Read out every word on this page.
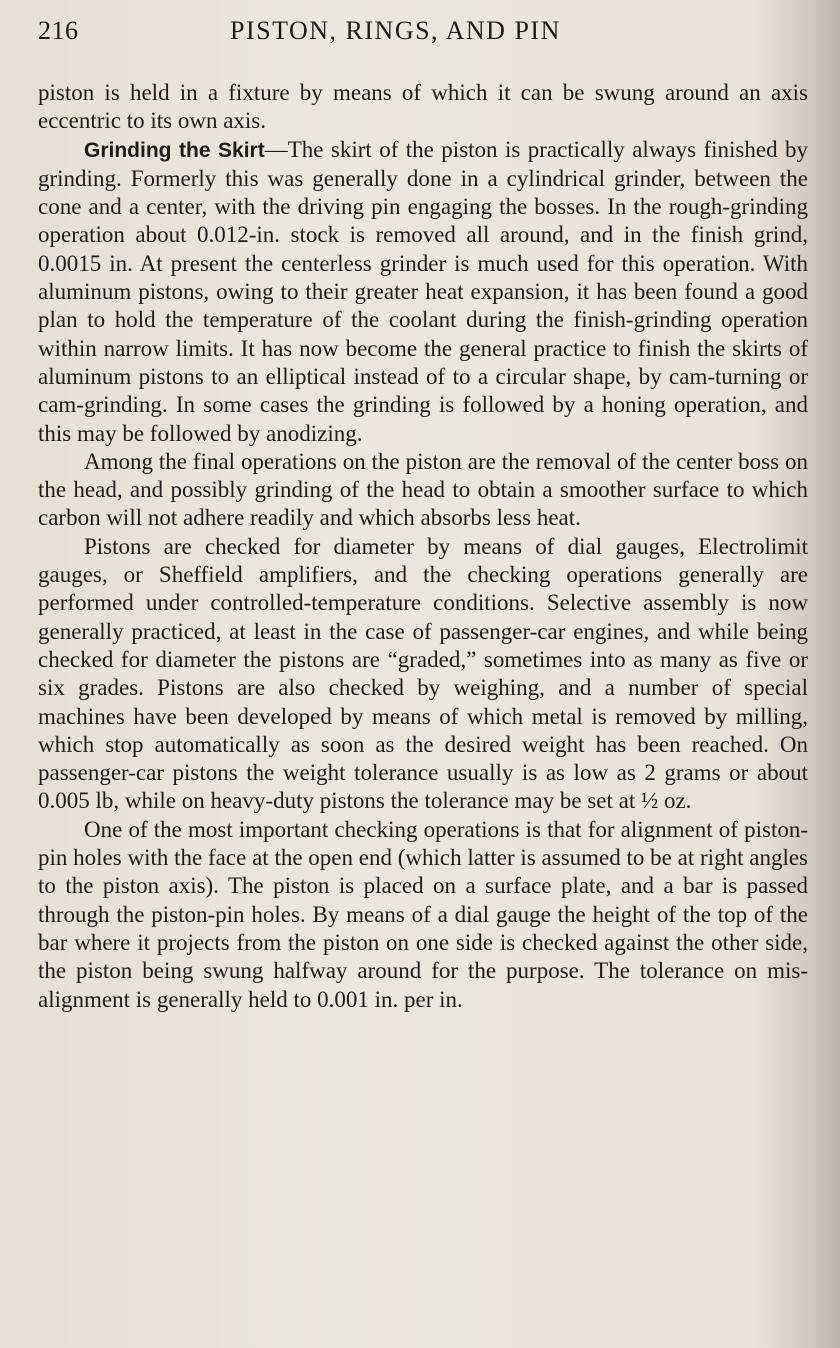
216	PISTON, RINGS, AND PIN

piston is held in a fixture by means of which it can be swung around an axis eccentric to its own axis.

Grinding the Skirt—The skirt of the piston is practically always finished by grinding. Formerly this was generally done in a cylindrical grinder, between the cone and a center, with the driving pin engaging the bosses. In the rough-grinding operation about 0.012-in. stock is removed all around, and in the finish grind, 0.0015 in. At present the centerless grinder is much used for this operation. With aluminum pistons, owing to their greater heat expansion, it has been found a good plan to hold the temperature of the coolant during the finish-grinding operation within narrow limits. It has now become the general practice to finish the skirts of aluminum pistons to an elliptical instead of to a circular shape, by cam-turning or cam-grinding. In some cases the grinding is followed by a honing operation, and this may be followed by anodizing.

Among the final operations on the piston are the removal of the center boss on the head, and possibly grinding of the head to obtain a smoother surface to which carbon will not adhere readily and which absorbs less heat.

Pistons are checked for diameter by means of dial gauges, Electrolimit gauges, or Sheffield amplifiers, and the checking operations generally are performed under controlled-temperature conditions. Selective assembly is now generally practiced, at least in the case of passenger-car engines, and while being checked for diameter the pistons are “graded,” sometimes into as many as five or six grades. Pistons are also checked by weighing, and a number of special machines have been developed by means of which metal is removed by milling, which stop automatically as soon as the desired weight has been reached. On passenger-car pistons the weight tolerance usually is as low as 2 grams or about 0.005 lb, while on heavy-duty pistons the tolerance may be set at ½ oz.

One of the most important checking operations is that for alignment of piston-pin holes with the face at the open end (which latter is assumed to be at right angles to the piston axis). The piston is placed on a surface plate, and a bar is passed through the piston-pin holes. By means of a dial gauge the height of the top of the bar where it projects from the piston on one side is checked against the other side, the piston being swung halfway around for the purpose. The tolerance on mis-alignment is generally held to 0.001 in. per in.
